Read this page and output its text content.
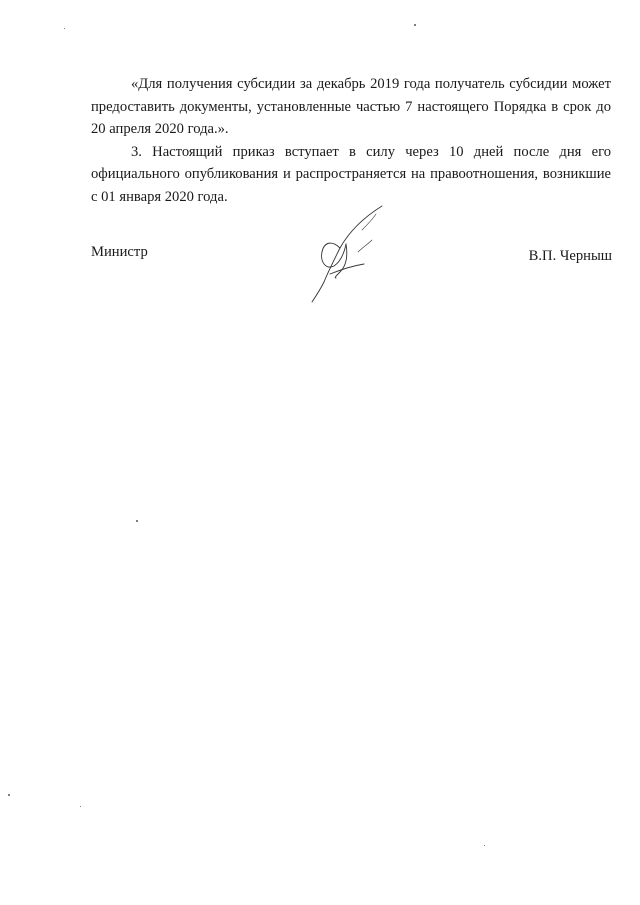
«Для получения субсидии за декабрь 2019 года получатель субсидии может предоставить документы, установленные частью 7 настоящего Порядка в срок до 20 апреля 2020 года.».

3. Настоящий приказ вступает в силу через 10 дней после дня его официального опубликования и распространяется на правоотношения, возникшие с 01 января 2020 года.

Министр	В.П. Черныш
